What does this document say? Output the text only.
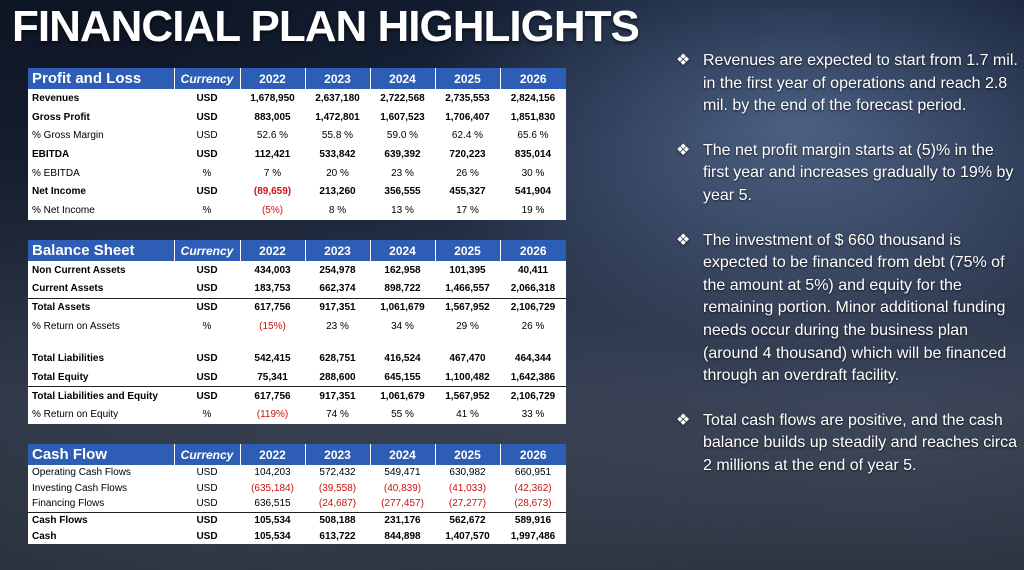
FINANCIAL PLAN HIGHLIGHTS
Profit and Loss	Currency	2022	2023	2024	2025	2026
Revenues	USD	1,678,950	2,637,180	2,722,568	2,735,553	2,824,156
Gross Profit	USD	883,005	1,472,801	1,607,523	1,706,407	1,851,830
% Gross Margin	USD	52.6 %	55.8 %	59.0 %	62.4 %	65.6 %
EBITDA	USD	112,421	533,842	639,392	720,223	835,014
% EBITDA	%	7 %	20 %	23 %	26 %	30 %
Net Income	USD	(89,659)	213,260	356,555	455,327	541,904
% Net Income	%	(5%)	8 %	13 %	17 %	19 %
Balance Sheet	Currency	2022	2023	2024	2025	2026
Non Current Assets	USD	434,003	254,978	162,958	101,395	40,411
Current Assets	USD	183,753	662,374	898,722	1,466,557	2,066,318
Total Assets	USD	617,756	917,351	1,061,679	1,567,952	2,106,729
% Return on Assets	%	(15%)	23 %	34 %	29 %	26 %

Total Liabilities	USD	542,415	628,751	416,524	467,470	464,344
Total Equity	USD	75,341	288,600	645,155	1,100,482	1,642,386
Total Liabilities and Equity	USD	617,756	917,351	1,061,679	1,567,952	2,106,729
% Return on Equity	%	(119%)	74 %	55 %	41 %	33 %
Cash Flow	Currency	2022	2023	2024	2025	2026
Operating Cash Flows	USD	104,203	572,432	549,471	630,982	660,951
Investing Cash Flows	USD	(635,184)	(39,558)	(40,839)	(41,033)	(42,362)
Financing Flows	USD	636,515	(24,687)	(277,457)	(27,277)	(28,673)
Cash Flows	USD	105,534	508,188	231,176	562,672	589,916
Cash	USD	105,534	613,722	844,898	1,407,570	1,997,486
❖ Revenues are expected to start from 1.7 mil. in the first year of operations and reach 2.8 mil. by the end of the forecast period.
❖ The net profit margin starts at (5)% in the first year and increases gradually to 19% by year 5.
❖ The investment of $ 660 thousand is expected to be financed from debt (75% of the amount at 5%) and equity for the remaining portion. Minor additional funding needs occur during the business plan (around 4 thousand) which will be financed through an overdraft facility.
❖ Total cash flows are positive, and the cash balance builds up steadily and reaches circa 2 millions at the end of year 5.
